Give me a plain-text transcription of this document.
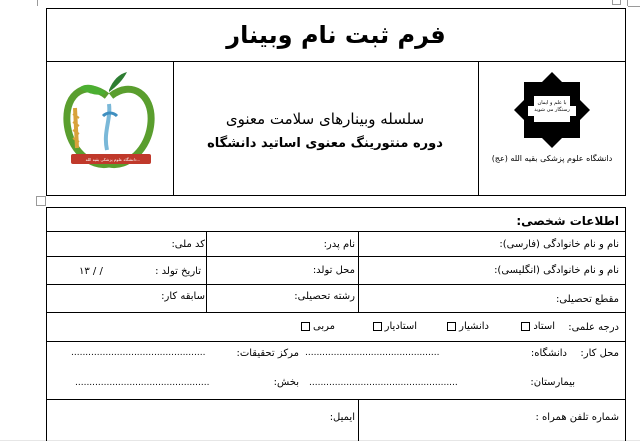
فرم ثبت نام وبینار
با علم و ایمان رستگار می شوید
دانشگاه علوم پزشکی بقیه الله (عج)
سلسله وبینارهای سلامت معنوی
دوره منتورینگ معنوی اساتید دانشگاه
...دانشگاه علوم پزشکی بقیه الله
اطلاعات شخصی:
نام و نام خانوادگی (فارسی):
نام پدر:
کد ملی:
نام و نام خانوادگی (انگلیسی):
محل تولد:
تاریخ تولد :
/ / ۱۳
مقطع تحصیلی:
رشته تحصیلی:
سابقه کار:
درجه علمی:
استاد
دانشیار
استادیار
مربی
محل کار:
دانشگاه:
...............................................
مرکز تحقیقات:
...............................................
بیمارستان:
....................................................
بخش:
...............................................
شماره تلفن همراه :
ایمیل:
